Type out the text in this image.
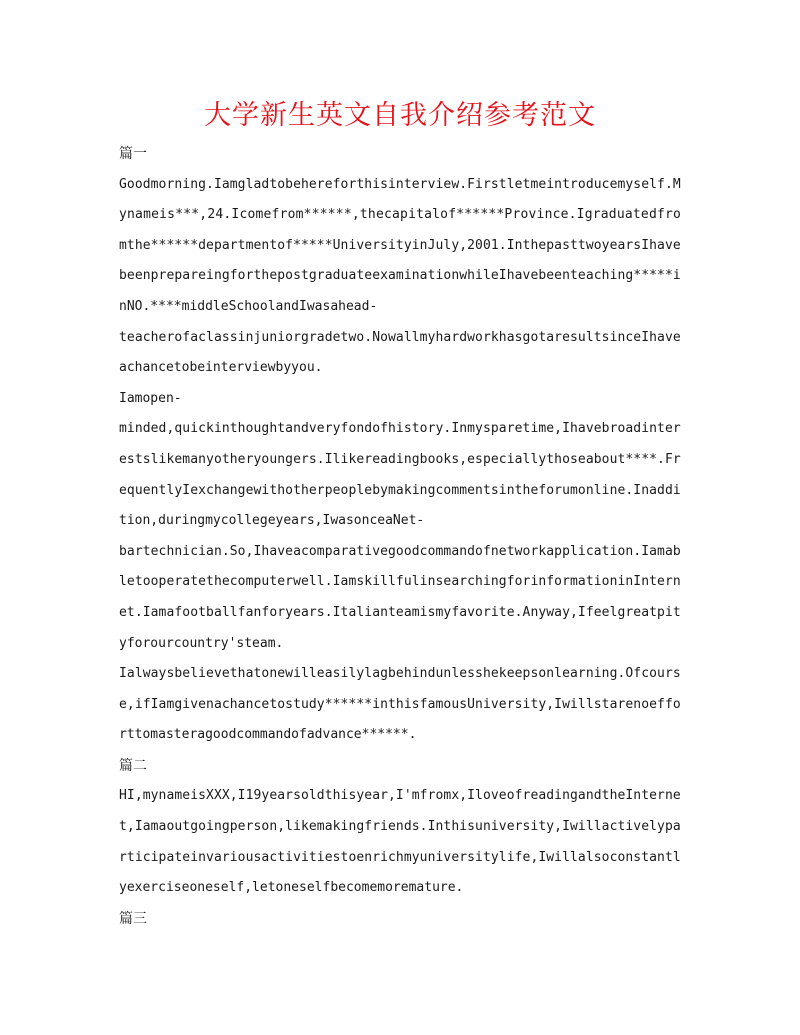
大学新生英文自我介绍参考范文
篇一
Goodmorning.Iamgladtobehereforthisinterview.Firstletmeintroducemyself.M
ynameis***,24.Icomefrom******,thecapitalof******Province.Igraduatedfro
mthe******departmentof*****UniversityinJuly,2001.InthepasttwoyearsIhave
beenprepareingforthepostgraduateexaminationwhileIhavebeenteaching*****i
nNO.****middleSchoolandIwasahead-
teacherofaclassinjuniorgradetwo.NowallmyhardworkhasgotaresultsinceIhave
achancetobeinterviewbyyou.
Iamopen-
minded,quickinthoughtandveryfondofhistory.Inmysparetime,Ihavebroadinter
estslikemanyotheryoungers.Ilikereadingbooks,especiallythoseabout****.Fr
equentlyIexchangewithotherpeoplebymakingcommentsintheforumonline.Inaddi
tion,duringmycollegeyears,IwasonceaNet-
bartechnician.So,Ihaveacomparativegoodcommandofnetworkapplication.Iamab
letooperatethecomputerwell.IamskillfulinsearchingforinformationinIntern
et.Iamafootballfanforyears.Italianteamismyfavorite.Anyway,Ifeelgreatpit
yforourcountry'steam.
Ialwaysbelievethatonewilleasilylagbehindunlesshekeepsonlearning.Ofcours
e,ifIamgivenachancetostudy******inthisfamousUniversity,Iwillstarenoeffo
rttomasteragoodcommandofadvance******.
篇二
HI,mynameisXXX,I19yearsoldthisyear,I'mfromx,IloveofreadingandtheInterne
t,Iamaoutgoingperson,likemakingfriends.Inthisuniversity,Iwillactivelypa
rticipateinvariousactivitiestoenrichmyuniversitylife,Iwillalsoconstantl
yexerciseoneself,letoneselfbecomemoremature.
篇三
